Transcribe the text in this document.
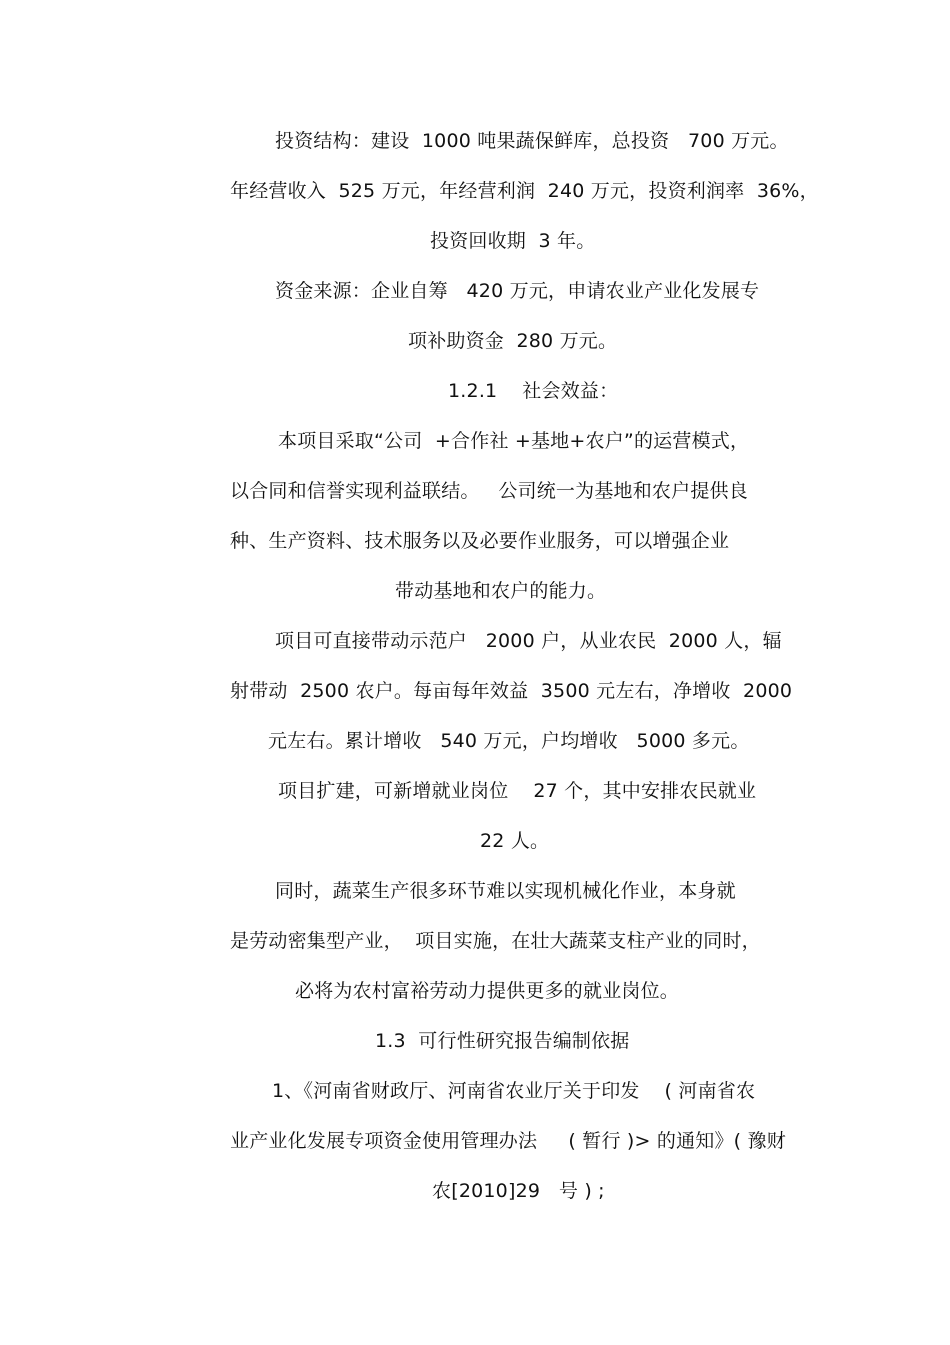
投资结构：建设  1000 吨果蔬保鲜库，总投资   700 万元。
年经营收入  525 万元，年经营利润  240 万元，投资利润率  36%，
投资回收期  3 年。
资金来源：企业自筹   420 万元，申请农业产业化发展专
项补助资金  280 万元。
1.2.1    社会效益：
本项目采取“公司  +合作社 +基地+农户”的运营模式，
以合同和信誉实现利益联结。   公司统一为基地和农户提供良
种、生产资料、技术服务以及必要作业服务，可以增强企业
带动基地和农户的能力。
项目可直接带动示范户   2000 户，从业农民  2000 人，辐
射带动  2500 农户。每亩每年效益  3500 元左右，净增收  2000
元左右。累计增收   540 万元，户均增收   5000 多元。
项目扩建，可新增就业岗位    27 个，其中安排农民就业
22 人。
同时，蔬菜生产很多环节难以实现机械化作业，本身就
是劳动密集型产业，  项目实施，在壮大蔬菜支柱产业的同时，
必将为农村富裕劳动力提供更多的就业岗位。
1.3  可行性研究报告编制依据
1、《河南省财政厅、河南省农业厅关于印发    ( 河南省农
业产业化发展专项资金使用管理办法     ( 暂行 )> 的通知》( 豫财
农[2010]29   号 ) ;
